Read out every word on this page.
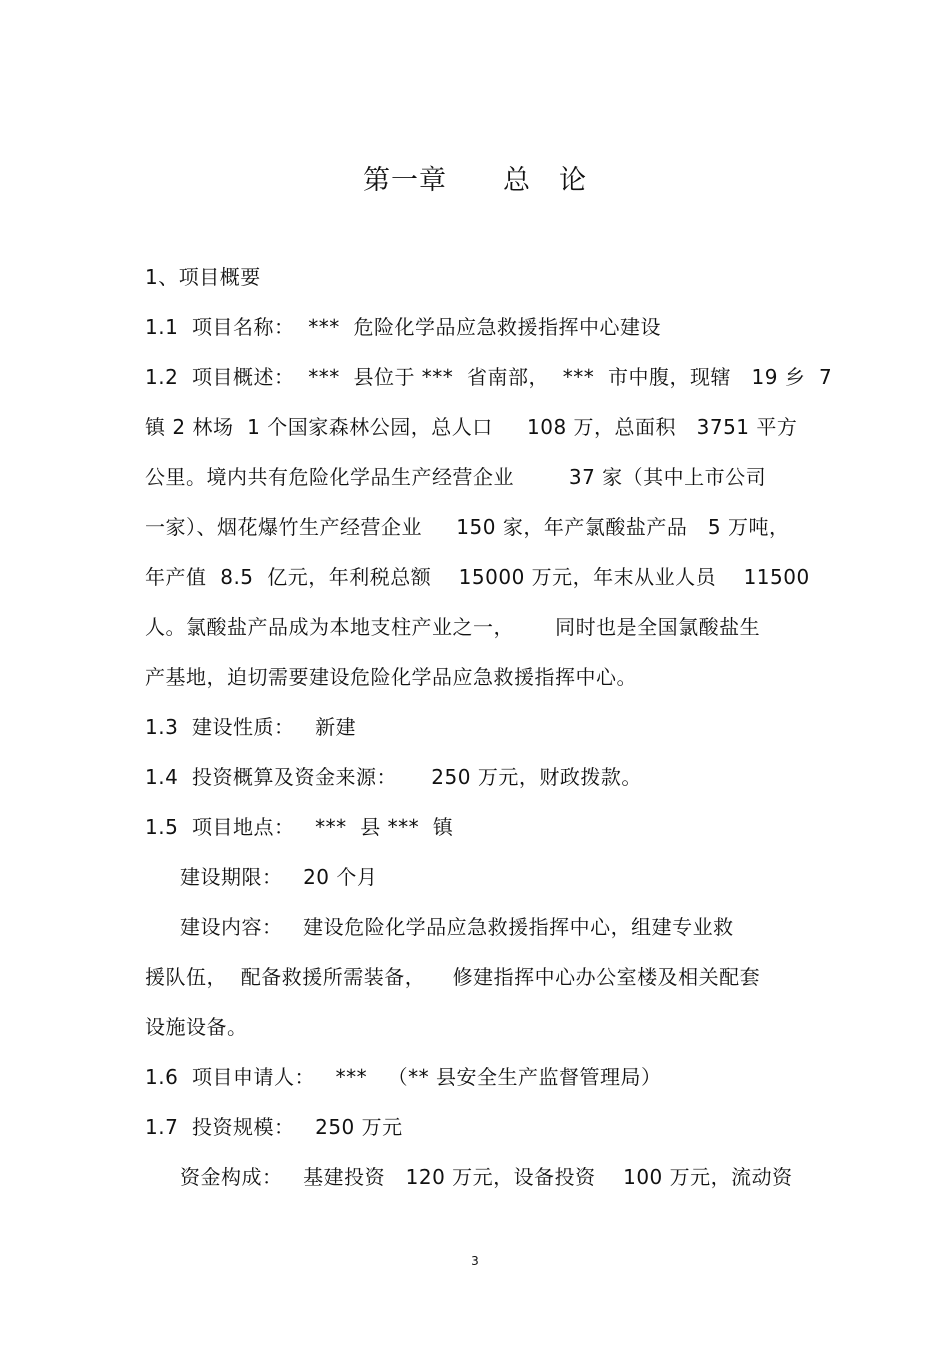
第一章　　总　论
1、项目概要
1.1  项目名称：  ***  危险化学品应急救援指挥中心建设
1.2  项目概述：  ***  县位于 ***  省南部，  ***  市中腹，现辖   19 乡  7
镇 2 林场  1 个国家森林公园，总人口     108 万，总面积   3751 平方
公里。境内共有危险化学品生产经营企业        37 家（其中上市公司
一家）、烟花爆竹生产经营企业     150 家，年产氯酸盐产品   5 万吨，
年产值  8.5  亿元，年利税总额    15000 万元，年末从业人员    11500
人。氯酸盐产品成为本地支柱产业之一，      同时也是全国氯酸盐生
产基地，迫切需要建设危险化学品应急救援指挥中心。
1.3  建设性质：   新建
1.4  投资概算及资金来源：     250 万元，财政拨款。
1.5  项目地点：   ***  县 ***  镇
建设期限：   20 个月
建设内容：   建设危险化学品应急救援指挥中心，组建专业救
援队伍，  配备救援所需装备，    修建指挥中心办公室楼及相关配套
设施设备。
1.6  项目申请人：   ***   （** 县安全生产监督管理局）
1.7  投资规模：   250 万元
资金构成：   基建投资   120 万元，设备投资    100 万元，流动资
3
